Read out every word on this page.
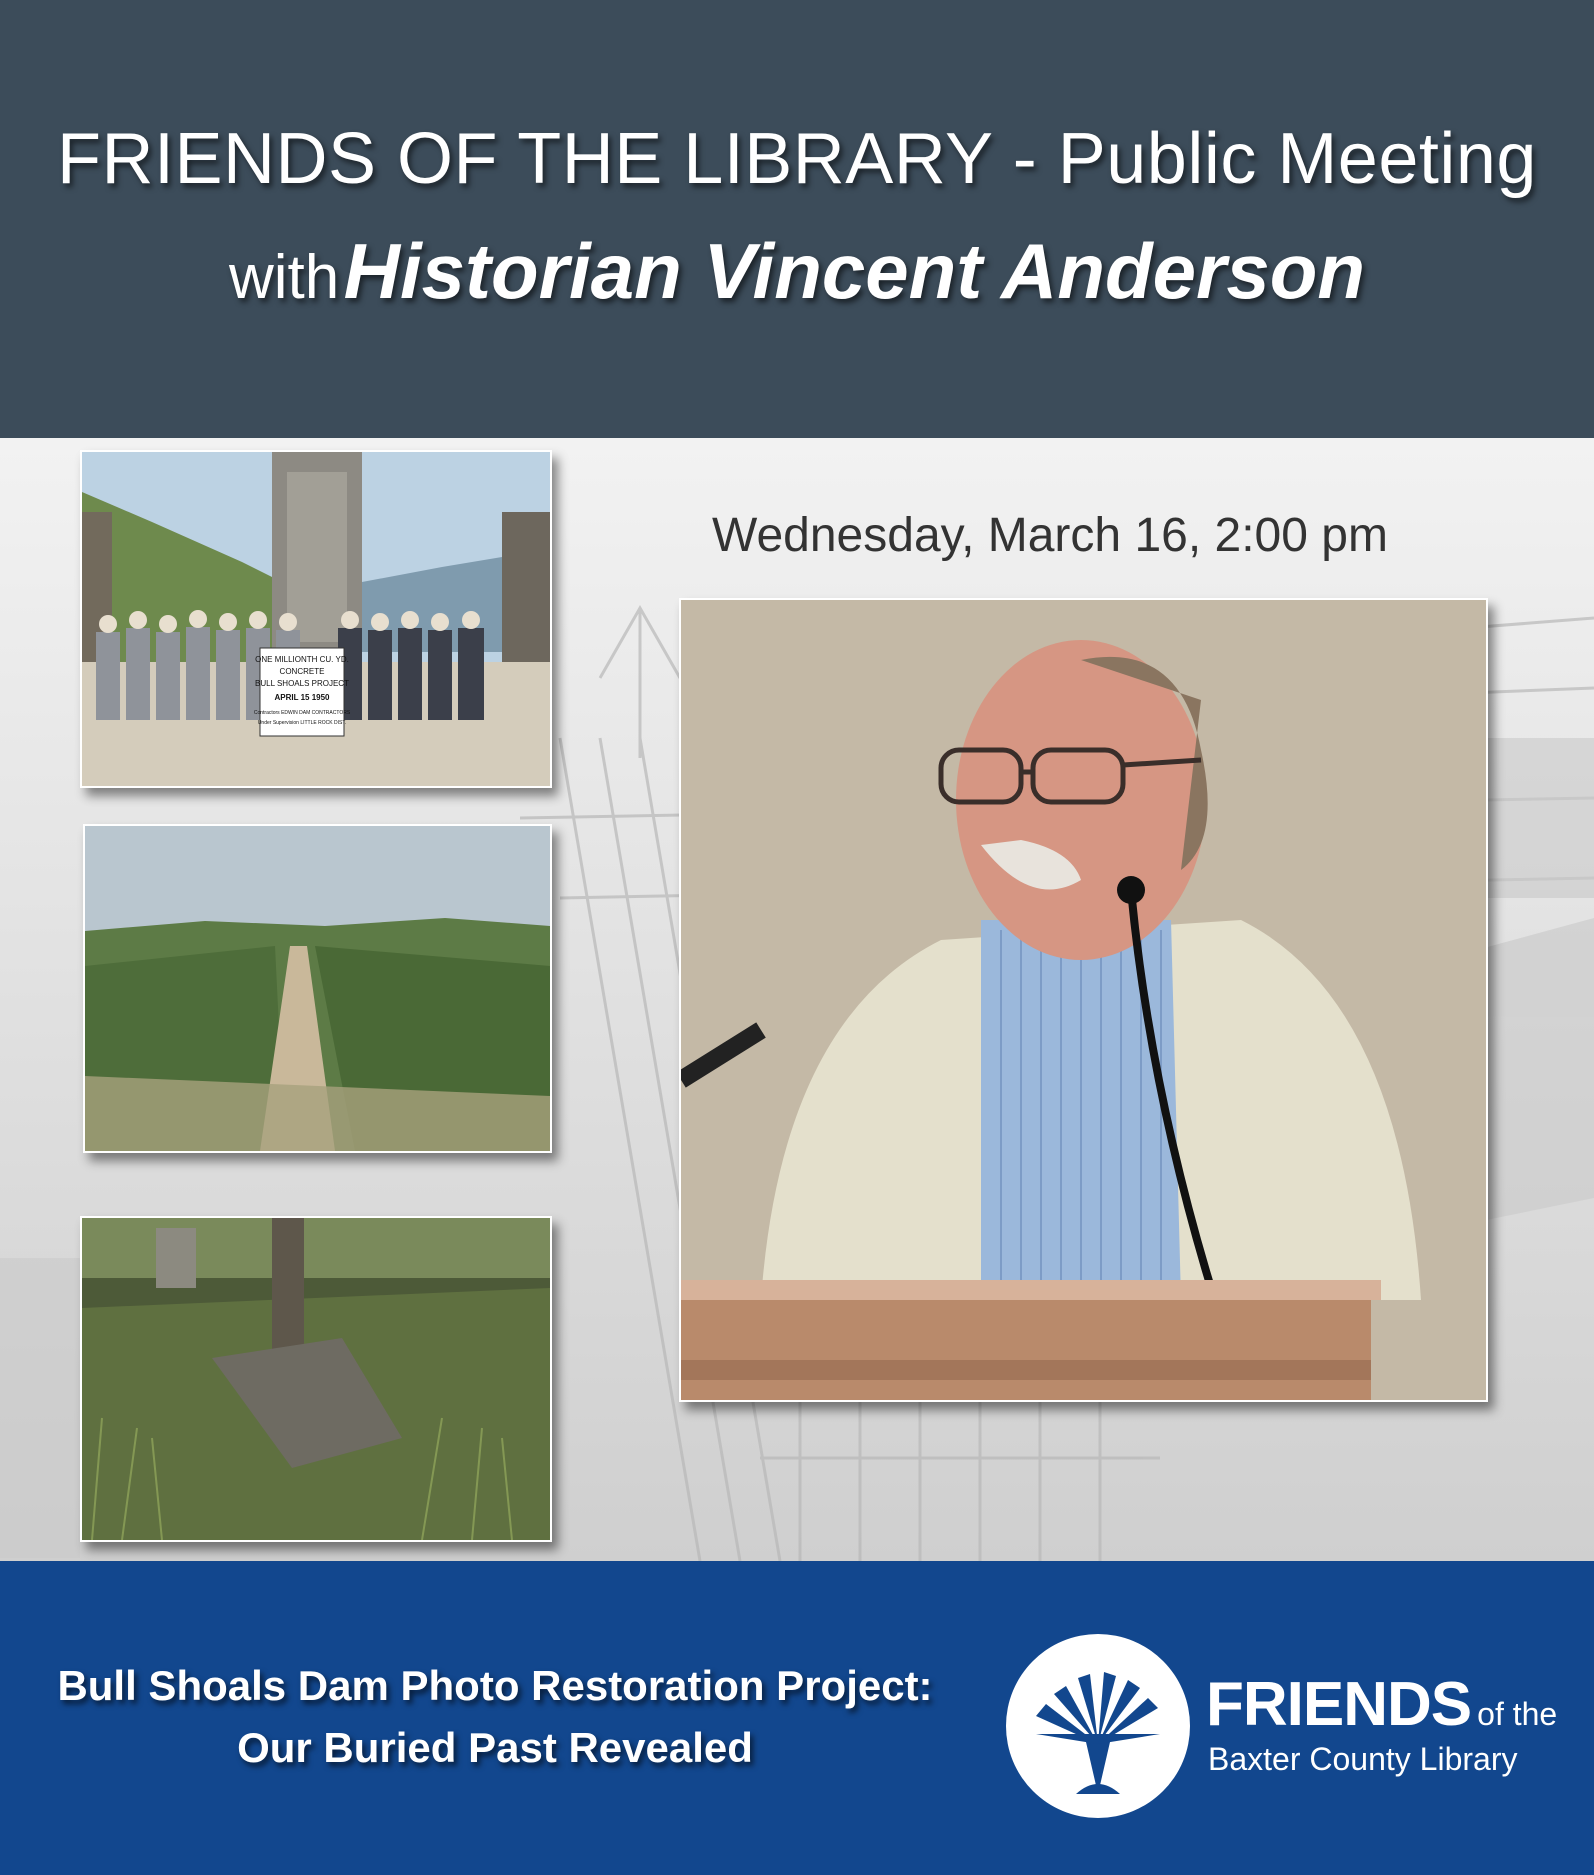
FRIENDS OF THE LIBRARY - Public Meeting
with Historian Vincent Anderson
ONE MILLIONTH CU. YD.
CONCRETE
BULL SHOALS PROJECT
APRIL 15 1950
Contractors EDWIN DAM CONTRACTORS
Under Supervision LITTLE ROCK DIST.
Wednesday, March 16, 2:00 pm
Bull Shoals Dam Photo Restoration Project:
Our Buried Past Revealed
FRIENDS of the
Baxter County Library
